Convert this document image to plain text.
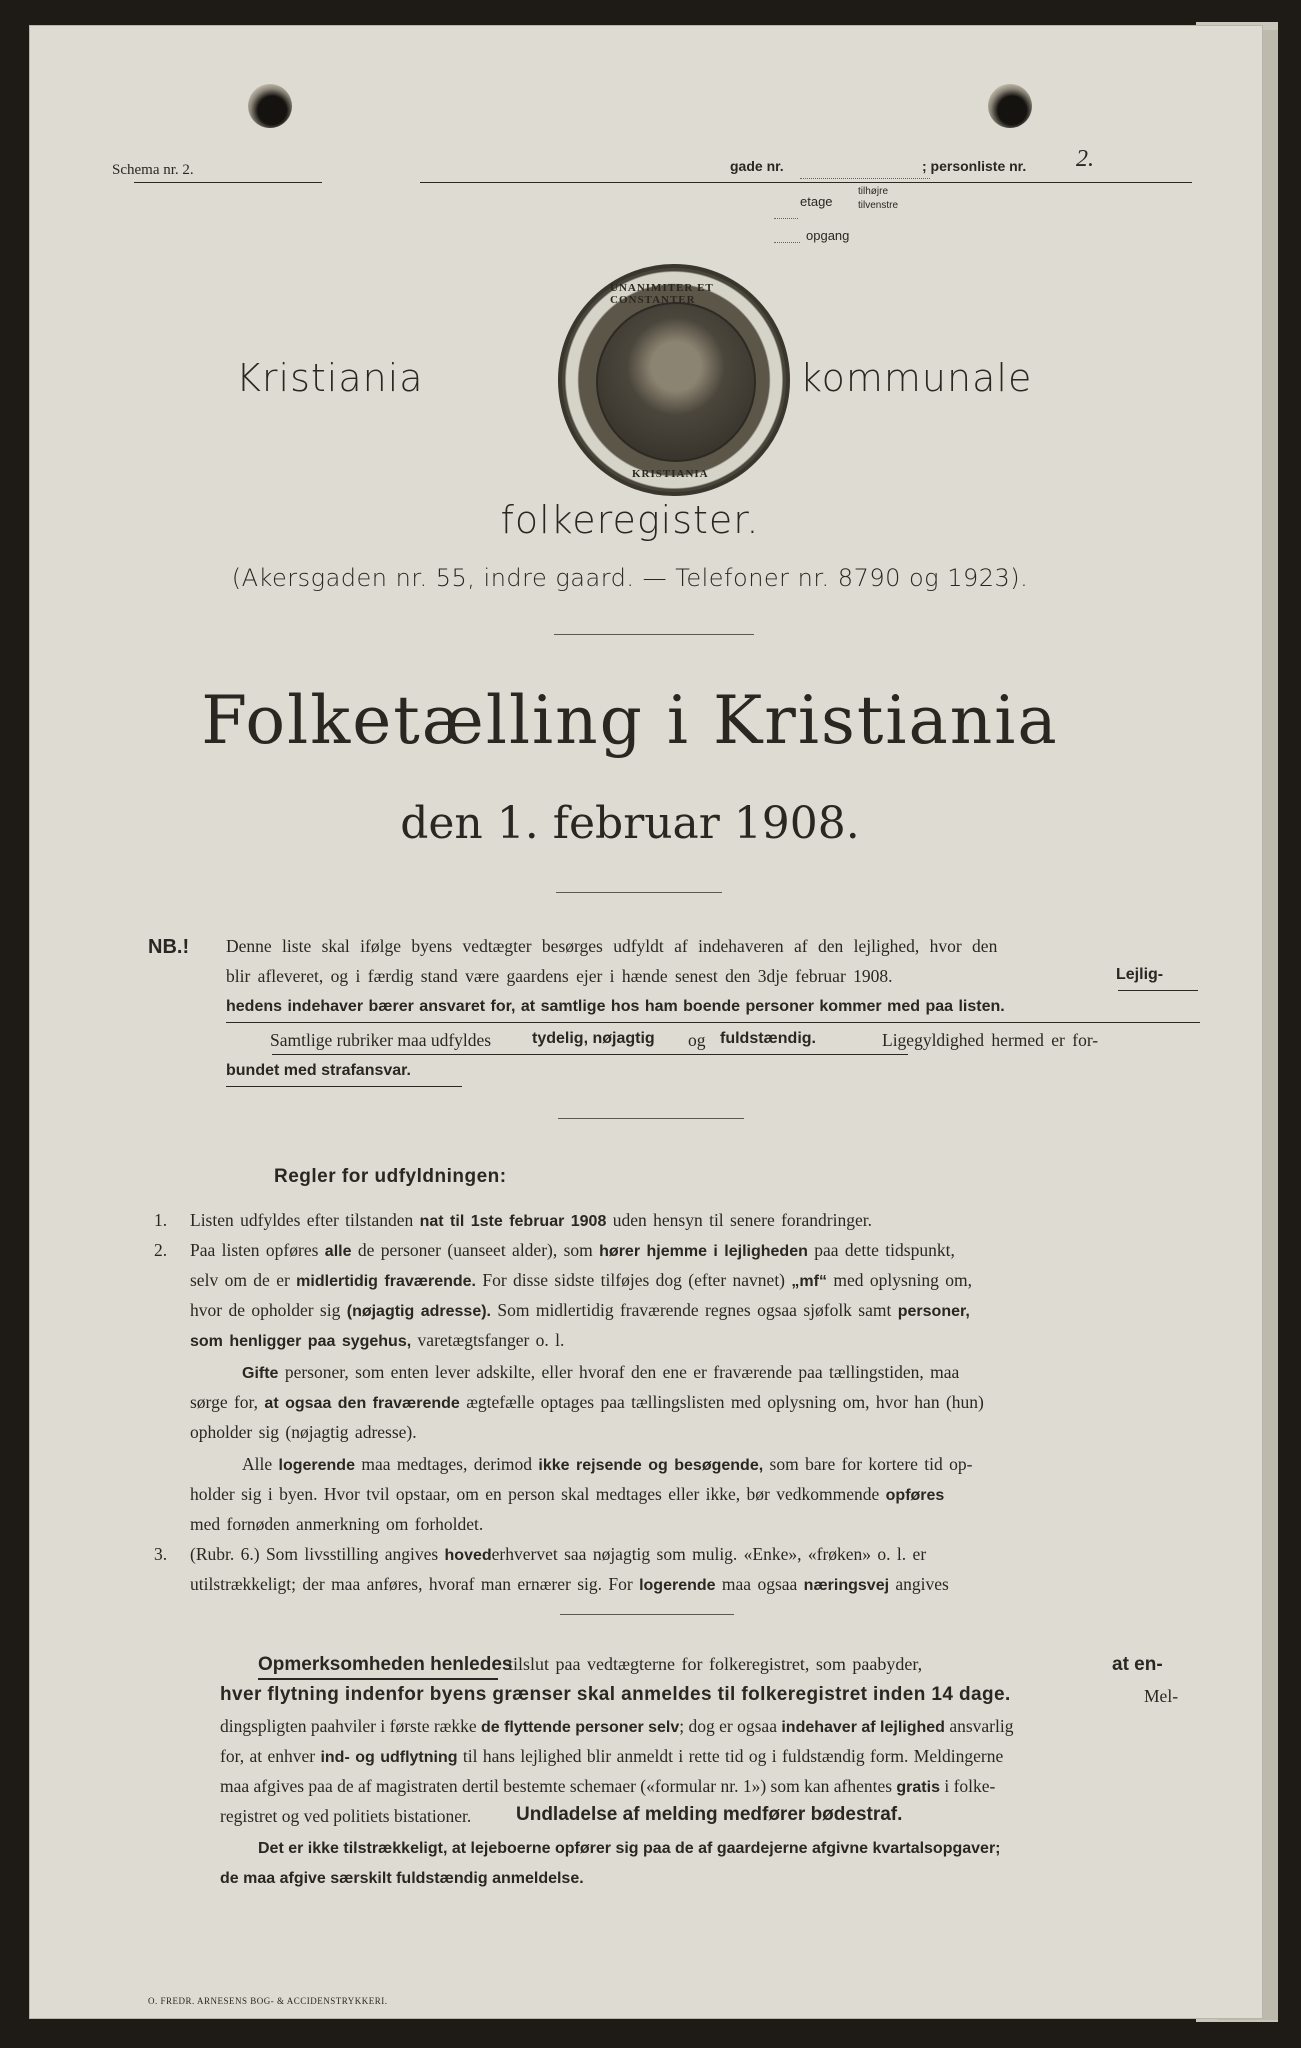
Schema nr. 2.	gade nr.	; personliste nr. 2.
etage
tilhøjre
tilvenstre
opgang
Kristiania
UNANIMITER ET CONSTANTER
KRISTIANIA
kommunale
folkeregister.
(Akersgaden nr. 55, indre gaard. — Telefoner nr. 8790 og 1923).
Folketælling i Kristiania
den 1. februar 1908.
NB.! Denne liste skal ifølge byens vedtægter besørges udfyldt af indehaveren af den lejlighed, hvor den
blir afleveret, og i færdig stand være gaardens ejer i hænde senest den 3dje februar 1908.	Lejlig-
hedens indehaver bærer ansvaret for, at samtlige hos ham boende personer kommer med paa listen.
Samtlige rubriker maa udfyldes	tydelig, nøjagtig og fuldstændig.	Ligegyldighed hermed er for-
bundet med strafansvar.
Regler for udfyldningen:
1. Listen udfyldes efter tilstanden nat til 1ste februar 1908 uden hensyn til senere forandringer.
2. Paa listen opføres alle de personer (uanseet alder), som hører hjemme i lejligheden paa dette tidspunkt,
selv om de er midlertidig fraværende. For disse sidste tilføjes dog (efter navnet) „mf“ med oplysning om,
hvor de opholder sig (nøjagtig adresse). Som midlertidig fraværende regnes ogsaa sjøfolk samt personer,
som henligger paa sygehus, varetægtsfanger o. l.
Gifte personer, som enten lever adskilte, eller hvoraf den ene er fraværende paa tællingstiden, maa
sørge for, at ogsaa den fraværende ægtefælle optages paa tællingslisten med oplysning om, hvor han (hun)
opholder sig (nøjagtig adresse).
Alle logerende maa medtages, derimod ikke rejsende og besøgende, som bare for kortere tid op-
holder sig i byen. Hvor tvil opstaar, om en person skal medtages eller ikke, bør vedkommende opføres
med fornøden anmerkning om forholdet.
3. (Rubr. 6.) Som livsstilling angives hovederhvervet saa nøjagtig som mulig. «Enke», «frøken» o. l. er
utilstrækkeligt; der maa anføres, hvoraf man ernærer sig. For logerende maa ogsaa næringsvej angives
Opmerksomheden henledes
tilslut paa vedtægterne for folkeregistret, som paabyder,	at en-
hver flytning indenfor byens grænser skal anmeldes til folkeregistret inden 14 dage.	Mel-
dingspligten paahviler i første række de flyttende personer selv; dog er ogsaa indehaver af lejlighed ansvarlig
for, at enhver ind- og udflytning til hans lejlighed blir anmeldt i rette tid og i fuldstændig form. Meldingerne
maa afgives paa de af magistraten dertil bestemte schemaer («formular nr. 1») som kan afhentes gratis i folke-
registret og ved politiets bistationer. Undladelse af melding medfører bødestraf.
Det er ikke tilstrækkeligt, at lejeboerne opfører sig paa de af gaardejerne afgivne kvartalsopgaver;
de maa afgive særskilt fuldstændig anmeldelse.
O. FREDR. ARNESENS BOG- & ACCIDENSTRYKKERI.
